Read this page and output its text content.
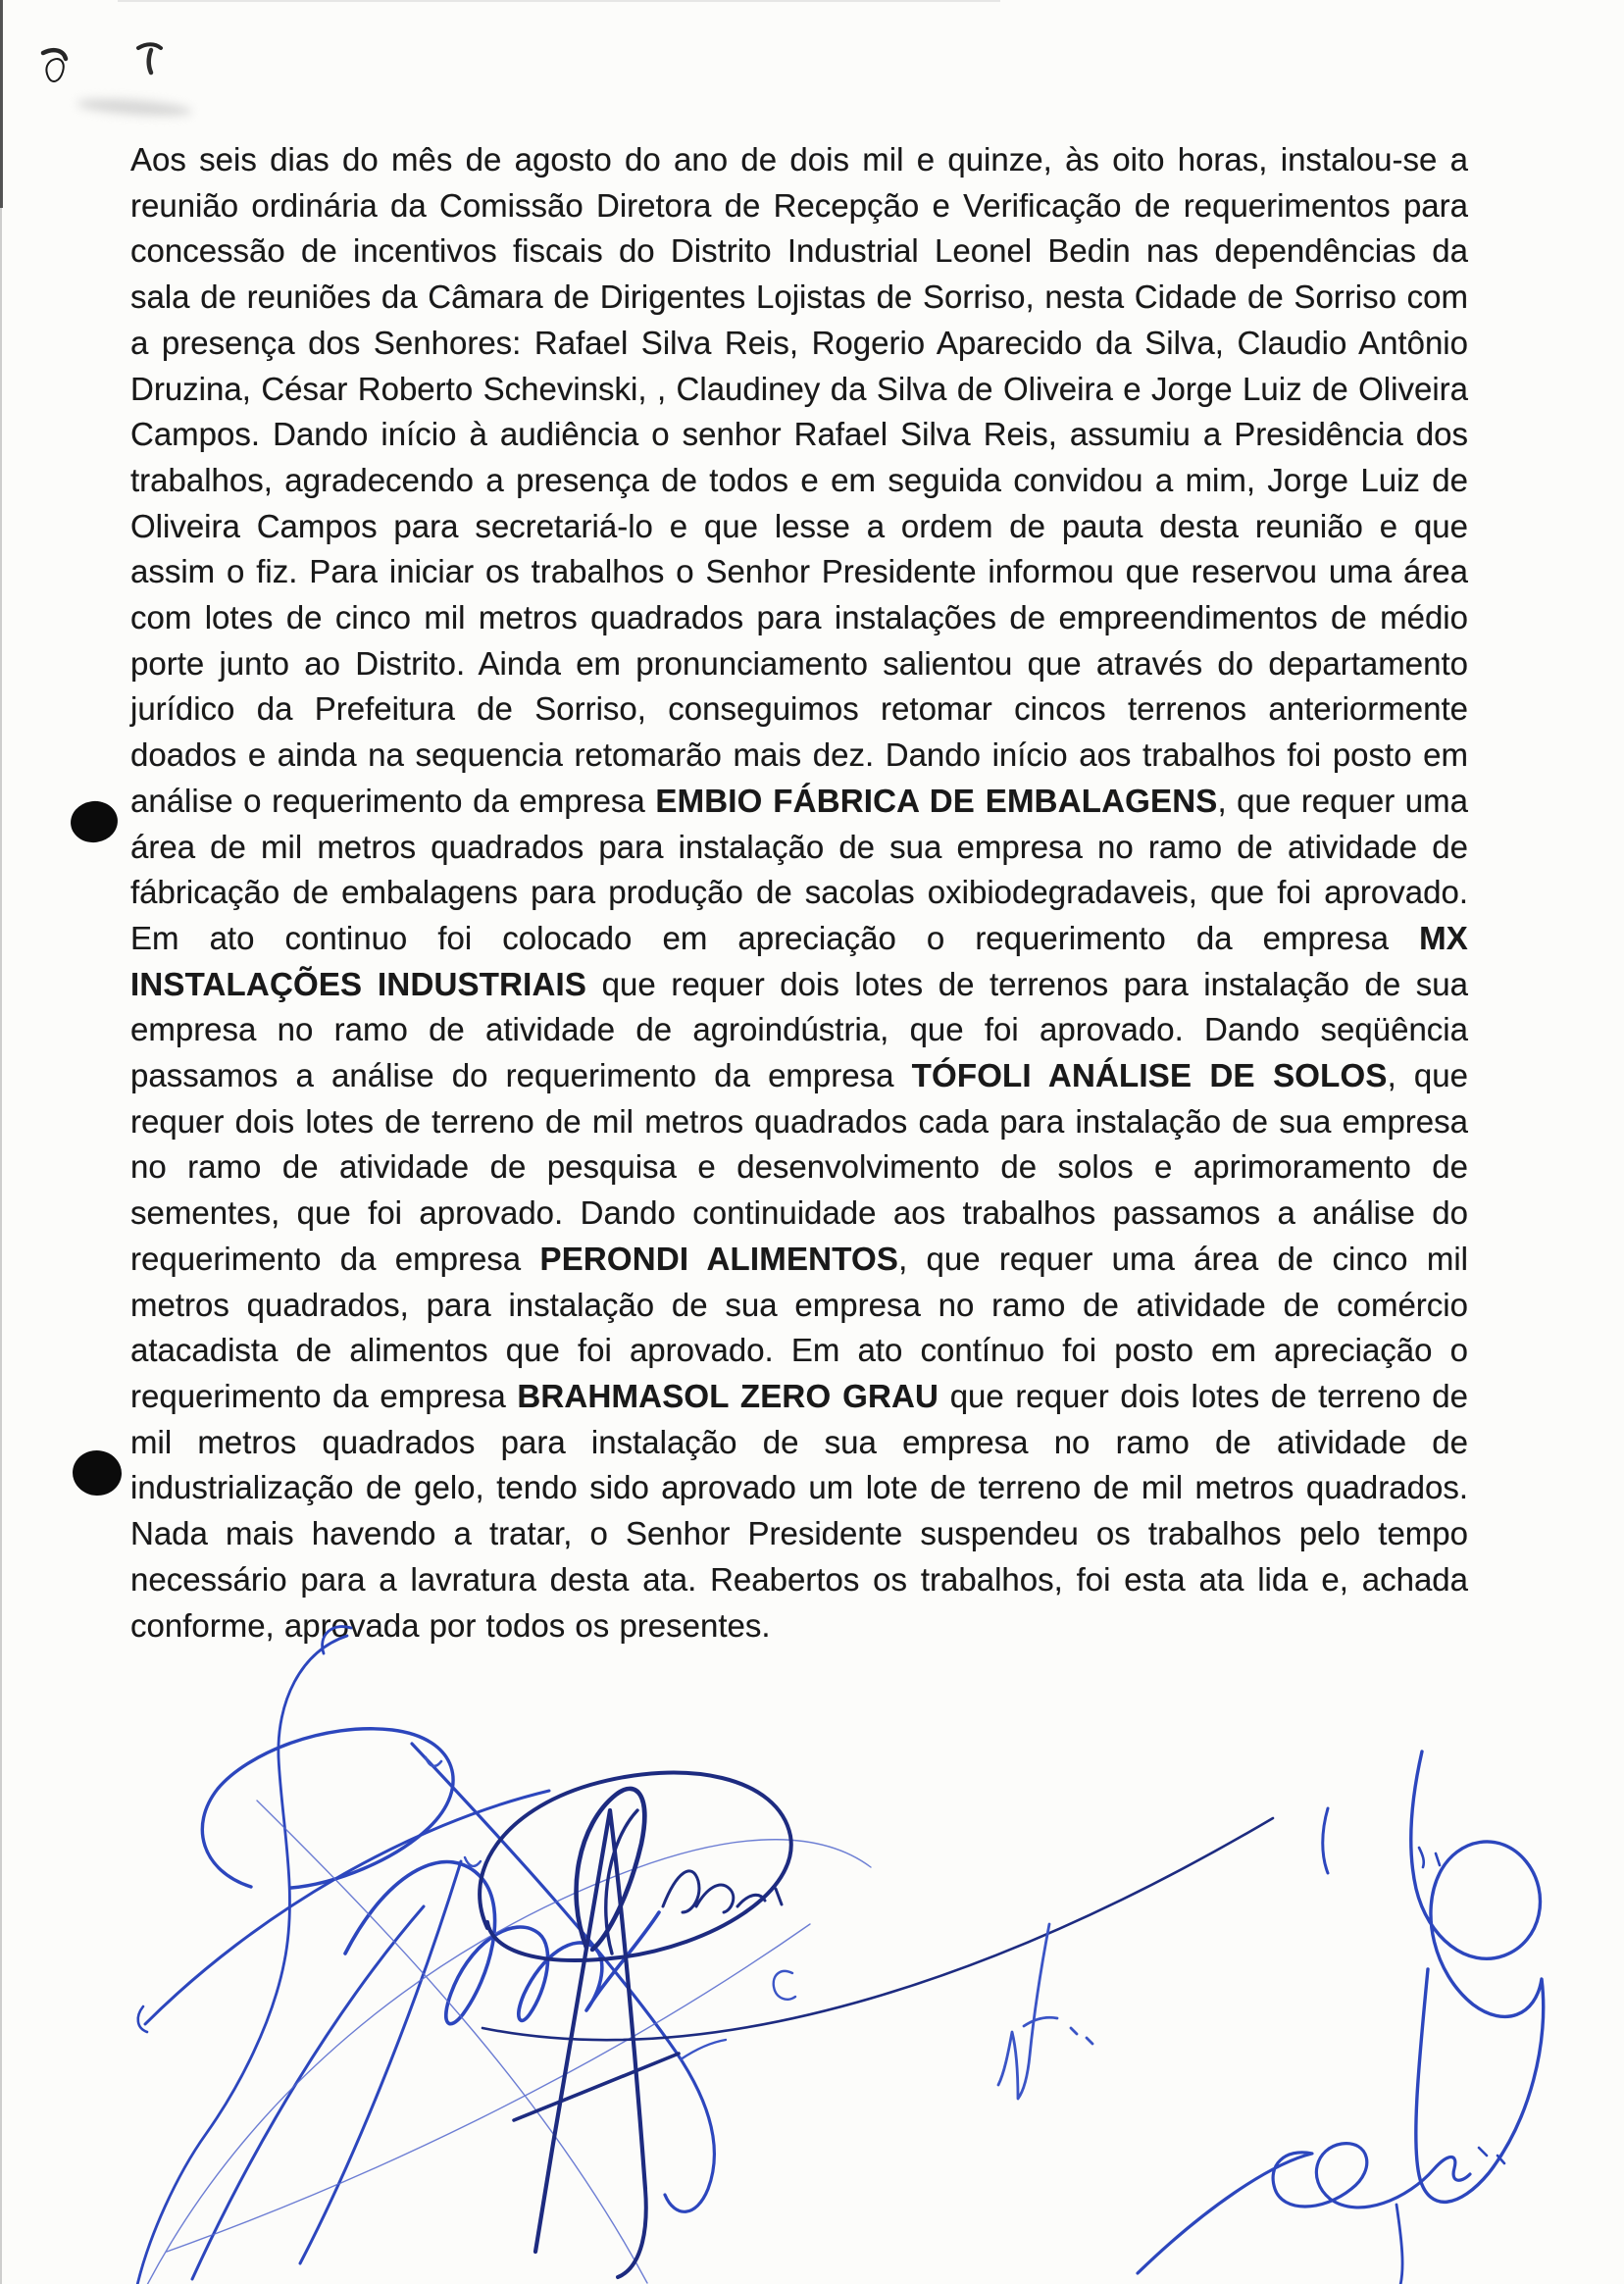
Aos seis dias do mês de agosto do ano de dois mil e quinze, às oito horas, instalou-se a reunião ordinária da Comissão Diretora de Recepção e Verificação de requerimentos para concessão de incentivos fiscais do Distrito Industrial Leonel Bedin nas dependências da sala de reuniões da Câmara de Dirigentes Lojistas de Sorriso, nesta Cidade de Sorriso com a presença dos Senhores: Rafael Silva Reis, Rogerio Aparecido da Silva, Claudio Antônio Druzina, César Roberto Schevinski, , Claudiney da Silva de Oliveira e Jorge Luiz de Oliveira Campos. Dando início à audiência o senhor Rafael Silva Reis, assumiu a Presidência dos trabalhos, agradecendo a presença de todos e em seguida convidou a mim, Jorge Luiz de Oliveira Campos para secretariá-lo e que lesse a ordem de pauta desta reunião e que assim o fiz. Para iniciar os trabalhos o Senhor Presidente informou que reservou uma área com lotes de cinco mil metros quadrados para instalações de empreendimentos de médio porte junto ao Distrito. Ainda em pronunciamento salientou que através do departamento jurídico da Prefeitura de Sorriso, conseguimos retomar cincos terrenos anteriormente doados e ainda na sequencia retomarão mais dez. Dando início aos trabalhos foi posto em análise o requerimento da empresa EMBIO FÁBRICA DE EMBALAGENS, que requer uma área de mil metros quadrados para instalação de sua empresa no ramo de atividade de fábricação de embalagens para produção de sacolas oxibiodegradaveis, que foi aprovado. Em ato continuo foi colocado em apreciação o requerimento da empresa MX INSTALAÇÕES INDUSTRIAIS que requer dois lotes de terrenos para instalação de sua empresa no ramo de atividade de agroindústria, que foi aprovado. Dando seqüência passamos a análise do requerimento da empresa TÓFOLI ANÁLISE DE SOLOS, que requer dois lotes de terreno de mil metros quadrados cada para instalação de sua empresa no ramo de atividade de pesquisa e desenvolvimento de solos e aprimoramento de sementes, que foi aprovado. Dando continuidade aos trabalhos passamos a análise do requerimento da empresa PERONDI ALIMENTOS, que requer uma área de cinco mil metros quadrados, para instalação de sua empresa no ramo de atividade de comércio atacadista de alimentos que foi aprovado. Em ato contínuo foi posto em apreciação o requerimento da empresa BRAHMASOL ZERO GRAU que requer dois lotes de terreno de mil metros quadrados para instalação de sua empresa no ramo de atividade de industrialização de gelo, tendo sido aprovado um lote de terreno de mil metros quadrados. Nada mais havendo a tratar, o Senhor Presidente suspendeu os trabalhos pelo tempo necessário para a lavratura desta ata. Reabertos os trabalhos, foi esta ata lida e, achada conforme, aprovada por todos os presentes.
